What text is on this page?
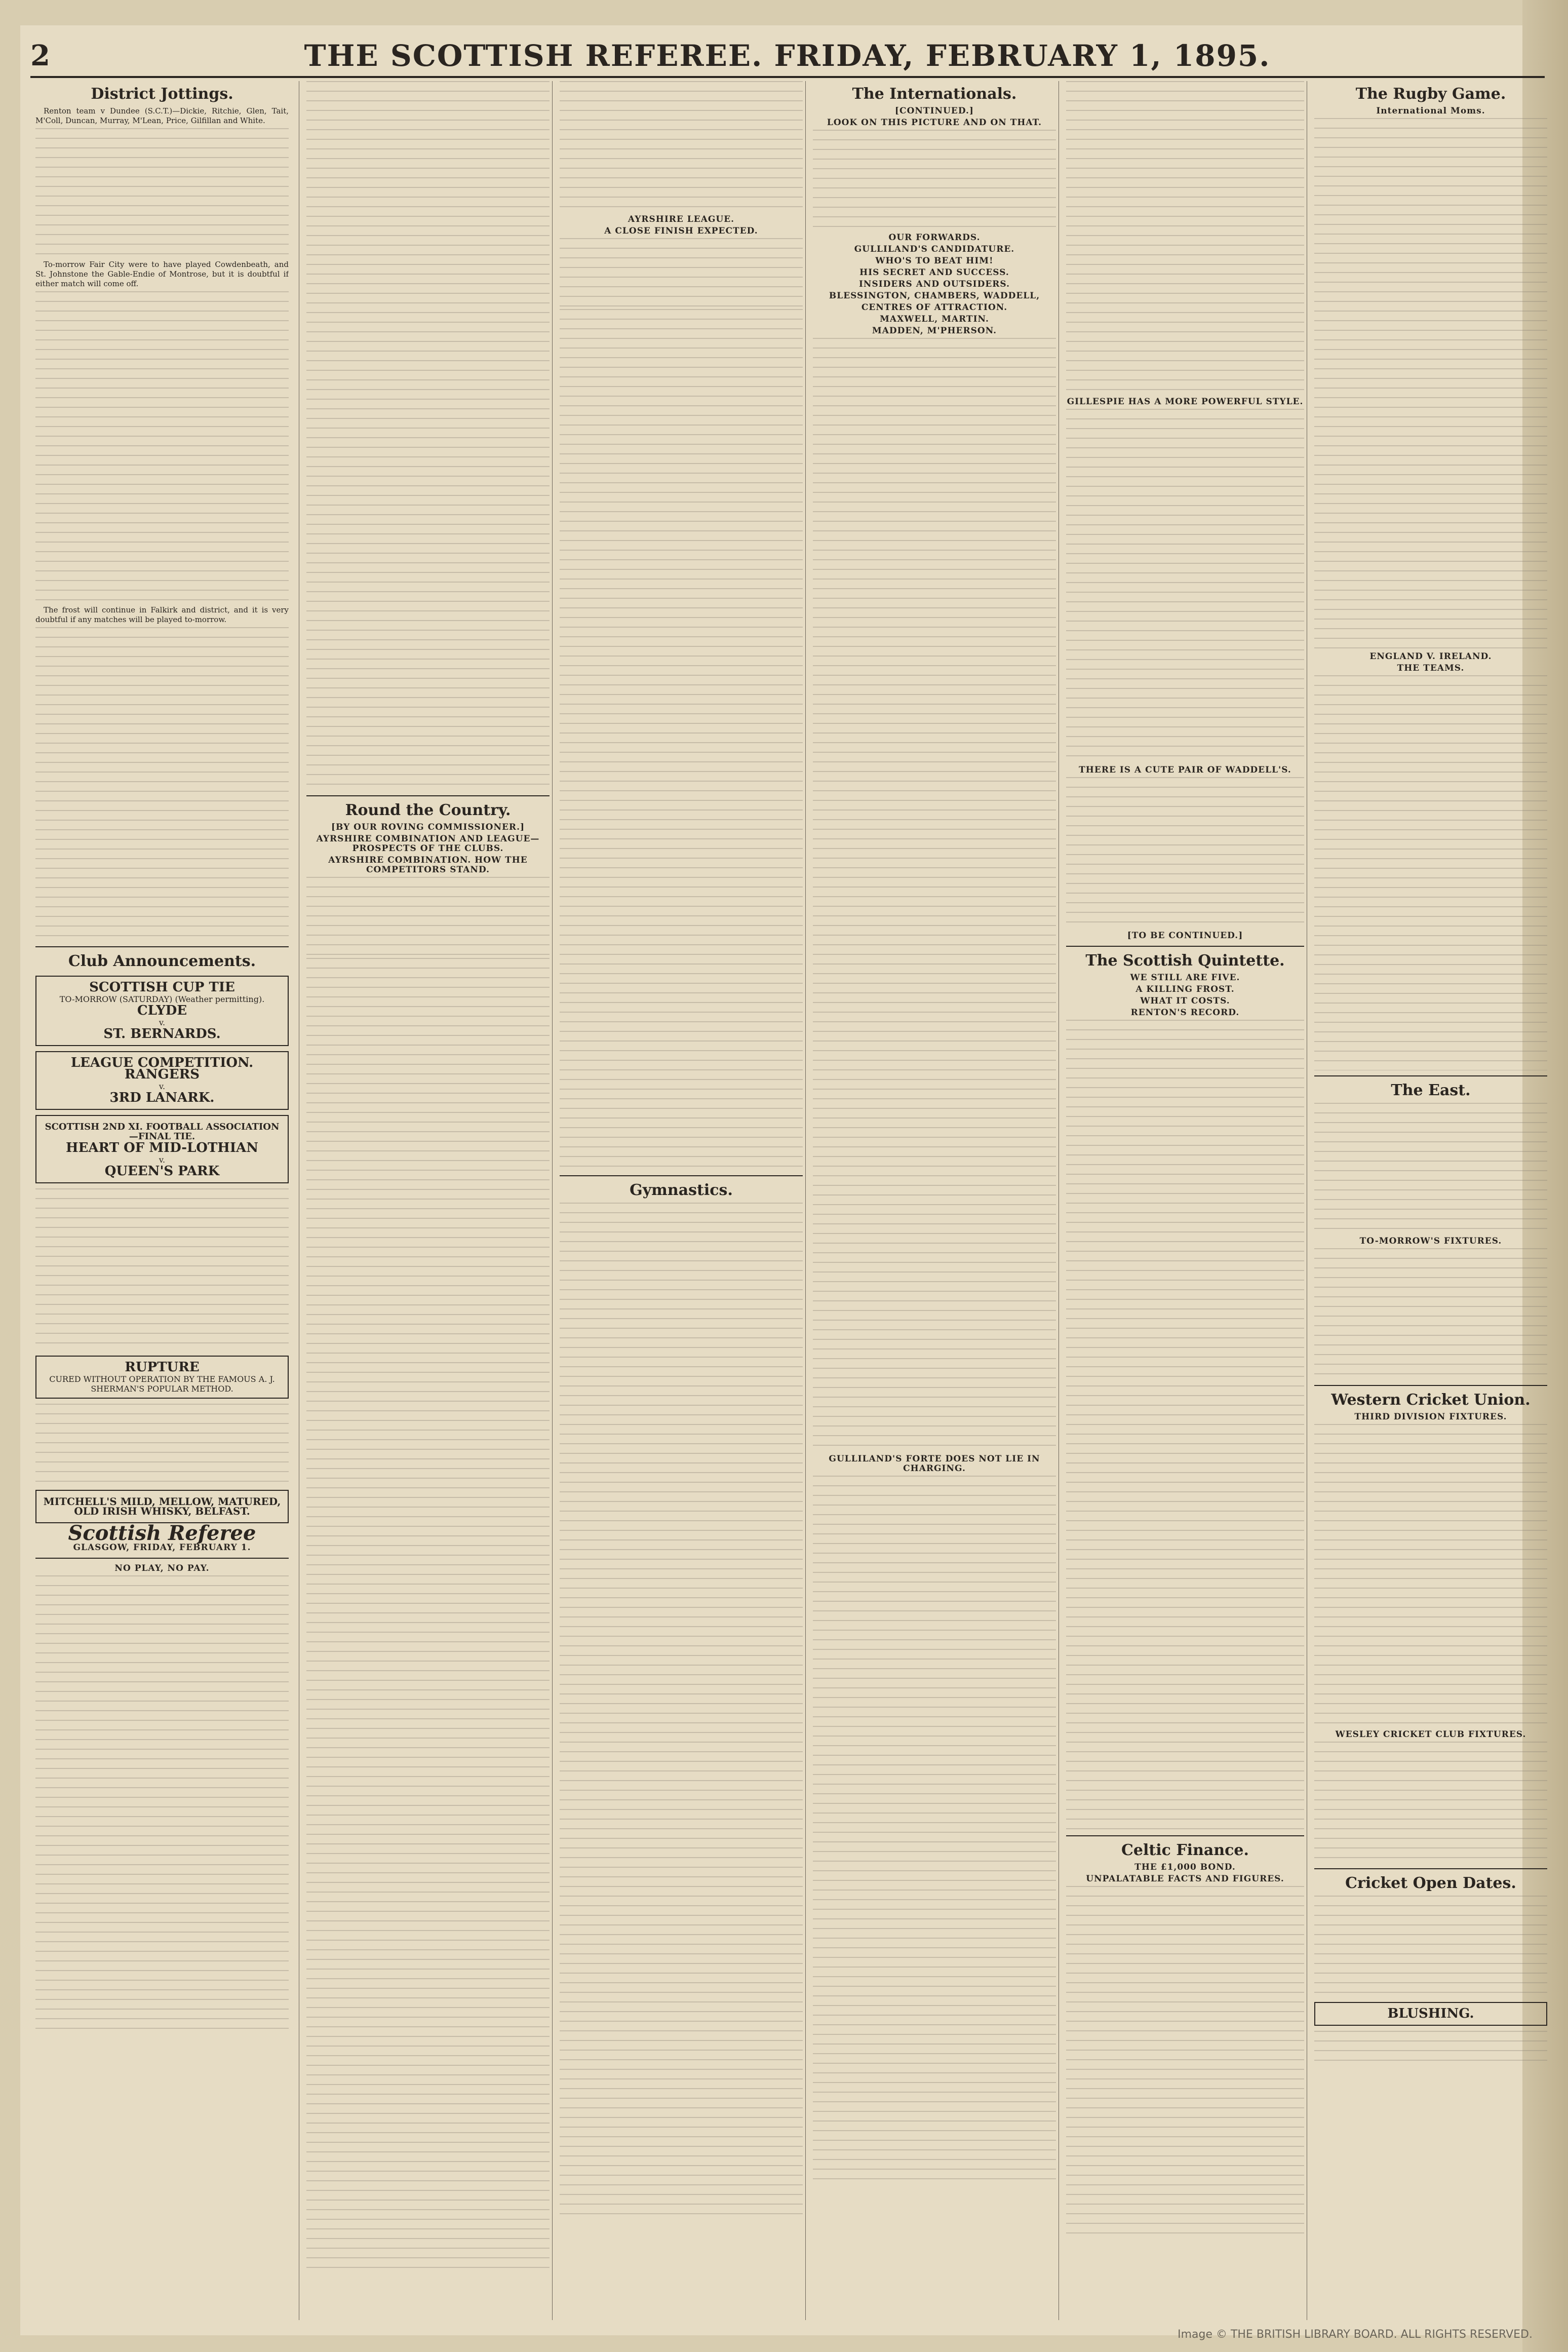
2	THE SCOTTISH REFEREE. FRIDAY, FEBRUARY 1, 1895.
District Jottings.

Renton team v Dundee (S.C.T.)—Dickie, Ritchie, Glen, Tait, M'Coll, Duncan, Murray, M'Lean, Price, Gilfillan and White.

To-morrow Fair City were to have played Cowdenbeath, and St. Johnstone the Gable-Endie of Montrose, but it is doubtful if either match will come off.

The frost will continue in Falkirk and district, and it is very doubtful if any matches will be played to-morrow.

Club Announcements.
SCOTTISH CUP TIE
TO-MORROW (SATURDAY) (Weather permitting).
CLYDE
v.
ST. BERNARDS.
LEAGUE COMPETITION.
RANGERS
v.
3RD LANARK.
SCOTTISH 2ND XI. FOOTBALL ASSOCIATION—FINAL TIE.
HEART OF MID-LOTHIAN
v.
QUEEN'S PARK
RUPTURE
CURED WITHOUT OPERATION BY THE FAMOUS A. J. SHERMAN'S POPULAR METHOD.
MITCHELL'S MILD, MELLOW, MATURED, OLD IRISH WHISKY, BELFAST.
Scottish Referee
GLASGOW, FRIDAY, FEBRUARY 1.
NO PLAY, NO PAY.
Round the Country.
[BY OUR ROVING COMMISSIONER.]
AYRSHIRE COMBINATION AND LEAGUE—PROSPECTS OF THE CLUBS.
AYRSHIRE COMBINATION. HOW THE COMPETITORS STAND.
AYRSHIRE LEAGUE.
A CLOSE FINISH EXPECTED.
Gymnastics.
The Internationals.
[CONTINUED.]
LOOK ON THIS PICTURE AND ON THAT.
OUR FORWARDS.
GULLILAND'S CANDIDATURE.
WHO'S TO BEAT HIM!
HIS SECRET AND SUCCESS.
INSIDERS AND OUTSIDERS.
BLESSINGTON, CHAMBERS, WADDELL,
CENTRES OF ATTRACTION.
MAXWELL, MARTIN.
MADDEN, M'PHERSON.
GULLILAND'S FORTE DOES NOT LIE IN CHARGING.
GILLESPIE HAS A MORE POWERFUL STYLE.
THERE IS A CUTE PAIR OF WADDELL'S.
[TO BE CONTINUED.]
The Scottish Quintette.
WE STILL ARE FIVE.
A KILLING FROST.
WHAT IT COSTS.
RENTON'S RECORD.
Celtic Finance.
THE £1,000 BOND.
UNPALATABLE FACTS AND FIGURES.
The Rugby Game.
International Moms.
ENGLAND V. IRELAND.
THE TEAMS.
The East.
TO-MORROW'S FIXTURES.
Western Cricket Union.
THIRD DIVISION FIXTURES.
WESLEY CRICKET CLUB FIXTURES.
Cricket Open Dates.
BLUSHING.
Image © THE BRITISH LIBRARY BOARD. ALL RIGHTS RESERVED.
